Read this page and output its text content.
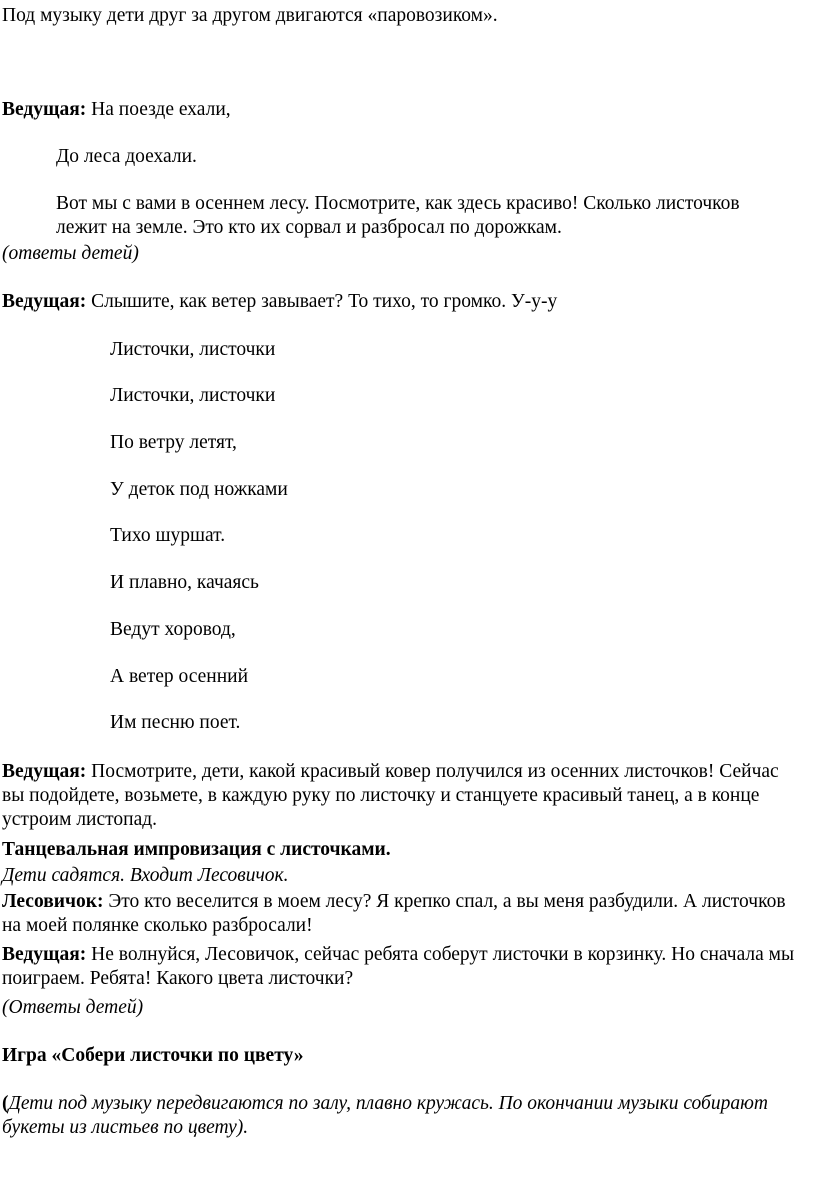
Под музыку дети друг за другом двигаются «паровозиком».
Ведущая: На поезде ехали,
До леса доехали.
Вот мы с вами в осеннем лесу. Посмотрите, как здесь красиво! Сколько листочков лежит на земле. Это кто их сорвал и разбросал по дорожкам.
(ответы детей)
Ведущая: Слышите, как ветер завывает? То тихо, то громко. У-у-у
Листочки, листочки
Листочки, листочки
По ветру летят,
У деток под ножками
Тихо шуршат.
И плавно, качаясь
Ведут хоровод,
А ветер осенний
Им песню поет.
Ведущая: Посмотрите, дети, какой красивый ковер получился из осенних листочков! Сейчас вы подойдете, возьмете, в каждую руку по листочку и станцуете красивый танец, а в конце устроим листопад.
Танцевальная импровизация с листочками.
Дети садятся. Входит Лесовичок.
Лесовичок: Это кто веселится в моем лесу? Я крепко спал, а вы меня разбудили. А листочков на моей полянке сколько разбросали!
Ведущая: Не волнуйся, Лесовичок, сейчас ребята соберут листочки в корзинку. Но сначала мы поиграем. Ребята! Какого цвета листочки?
(Ответы детей)
Игра «Собери листочки по цвету»
(Дети под музыку передвигаются по залу, плавно кружась. По окончании музыки собирают букеты из листьев по цвету).
